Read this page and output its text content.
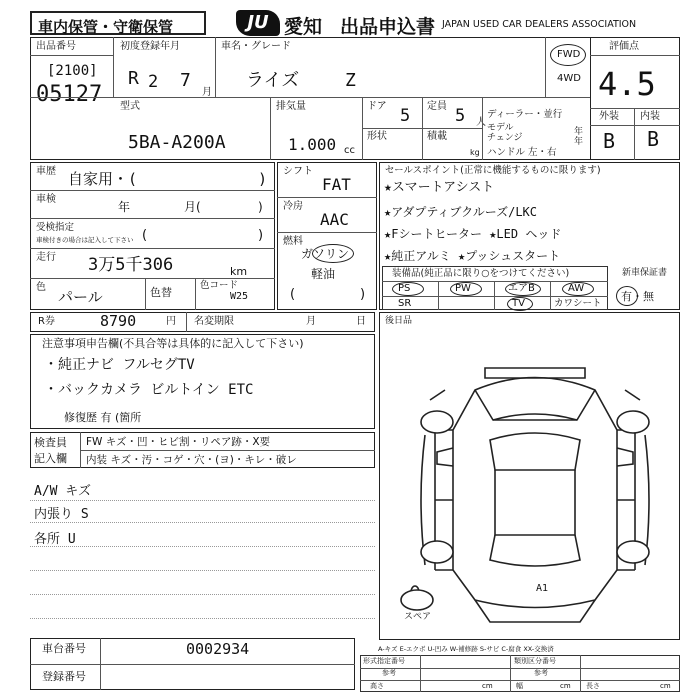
車内保管・守衛保管	JU 愛知 出品申込書 JAPAN USED CAR DEALERS ASSOCIATION
出品番号
[2100]
05127
初度登録年月
R 2 7
月
車名・グレード
ライズ	Z
FWD
4WD
評価点
4.5
外装 内装
B B
型式
5BA-A200A
排気量
1.000 cc
ドア 5 定員 5 人
形状	積載
kg
ディーラー・並行
モデル	年
チェンジ	年
ハンドル 左・右
車歴 自家用・(	)
車検
年	月(	)
受検指定
車検付きの場合は記入して下さい (	)
走行 3万5千306	km
色
パール	色替
色コード
W25
シフト
FAT
冷房
AAC
燃料
ガソリン
軽油
(	)
セールスポイント(正常に機能するものに限ります)
★スマートアシスト
★アダプティブクルーズ/LKC
★Fシートヒーター ★LED ヘッド
★純正アルミ ★プッシュスタート
装備品(純正品に限り○をつけてください)
PS	PW	エアB	AW
SR	TV	カワシート
新車保証書
有・無
R券	8790	円 名変期限	月	日 後日品
注意事項申告欄(不具合等は具体的に記入して下さい)
・純正ナビ フルセグTV
・バックカメラ ビルトイン ETC
修復歴 有 (箇所
検査員
記入欄
FW キズ・凹・ヒビ割・リペア跡・X要
内装 キズ・汚・コゲ・穴・(ヨ)・キレ・破レ
A/W キズ
内張り S
各所 U
スペア
A1
車台番号	0002934
登録番号
A-キズ E-エクボ U-凹み W-補修跡 S-サビ C-腐食 XX-交換済
形式指定番号
参考
類別区分番号
参考
高さ	cm	幅	cm 長さ	cm
